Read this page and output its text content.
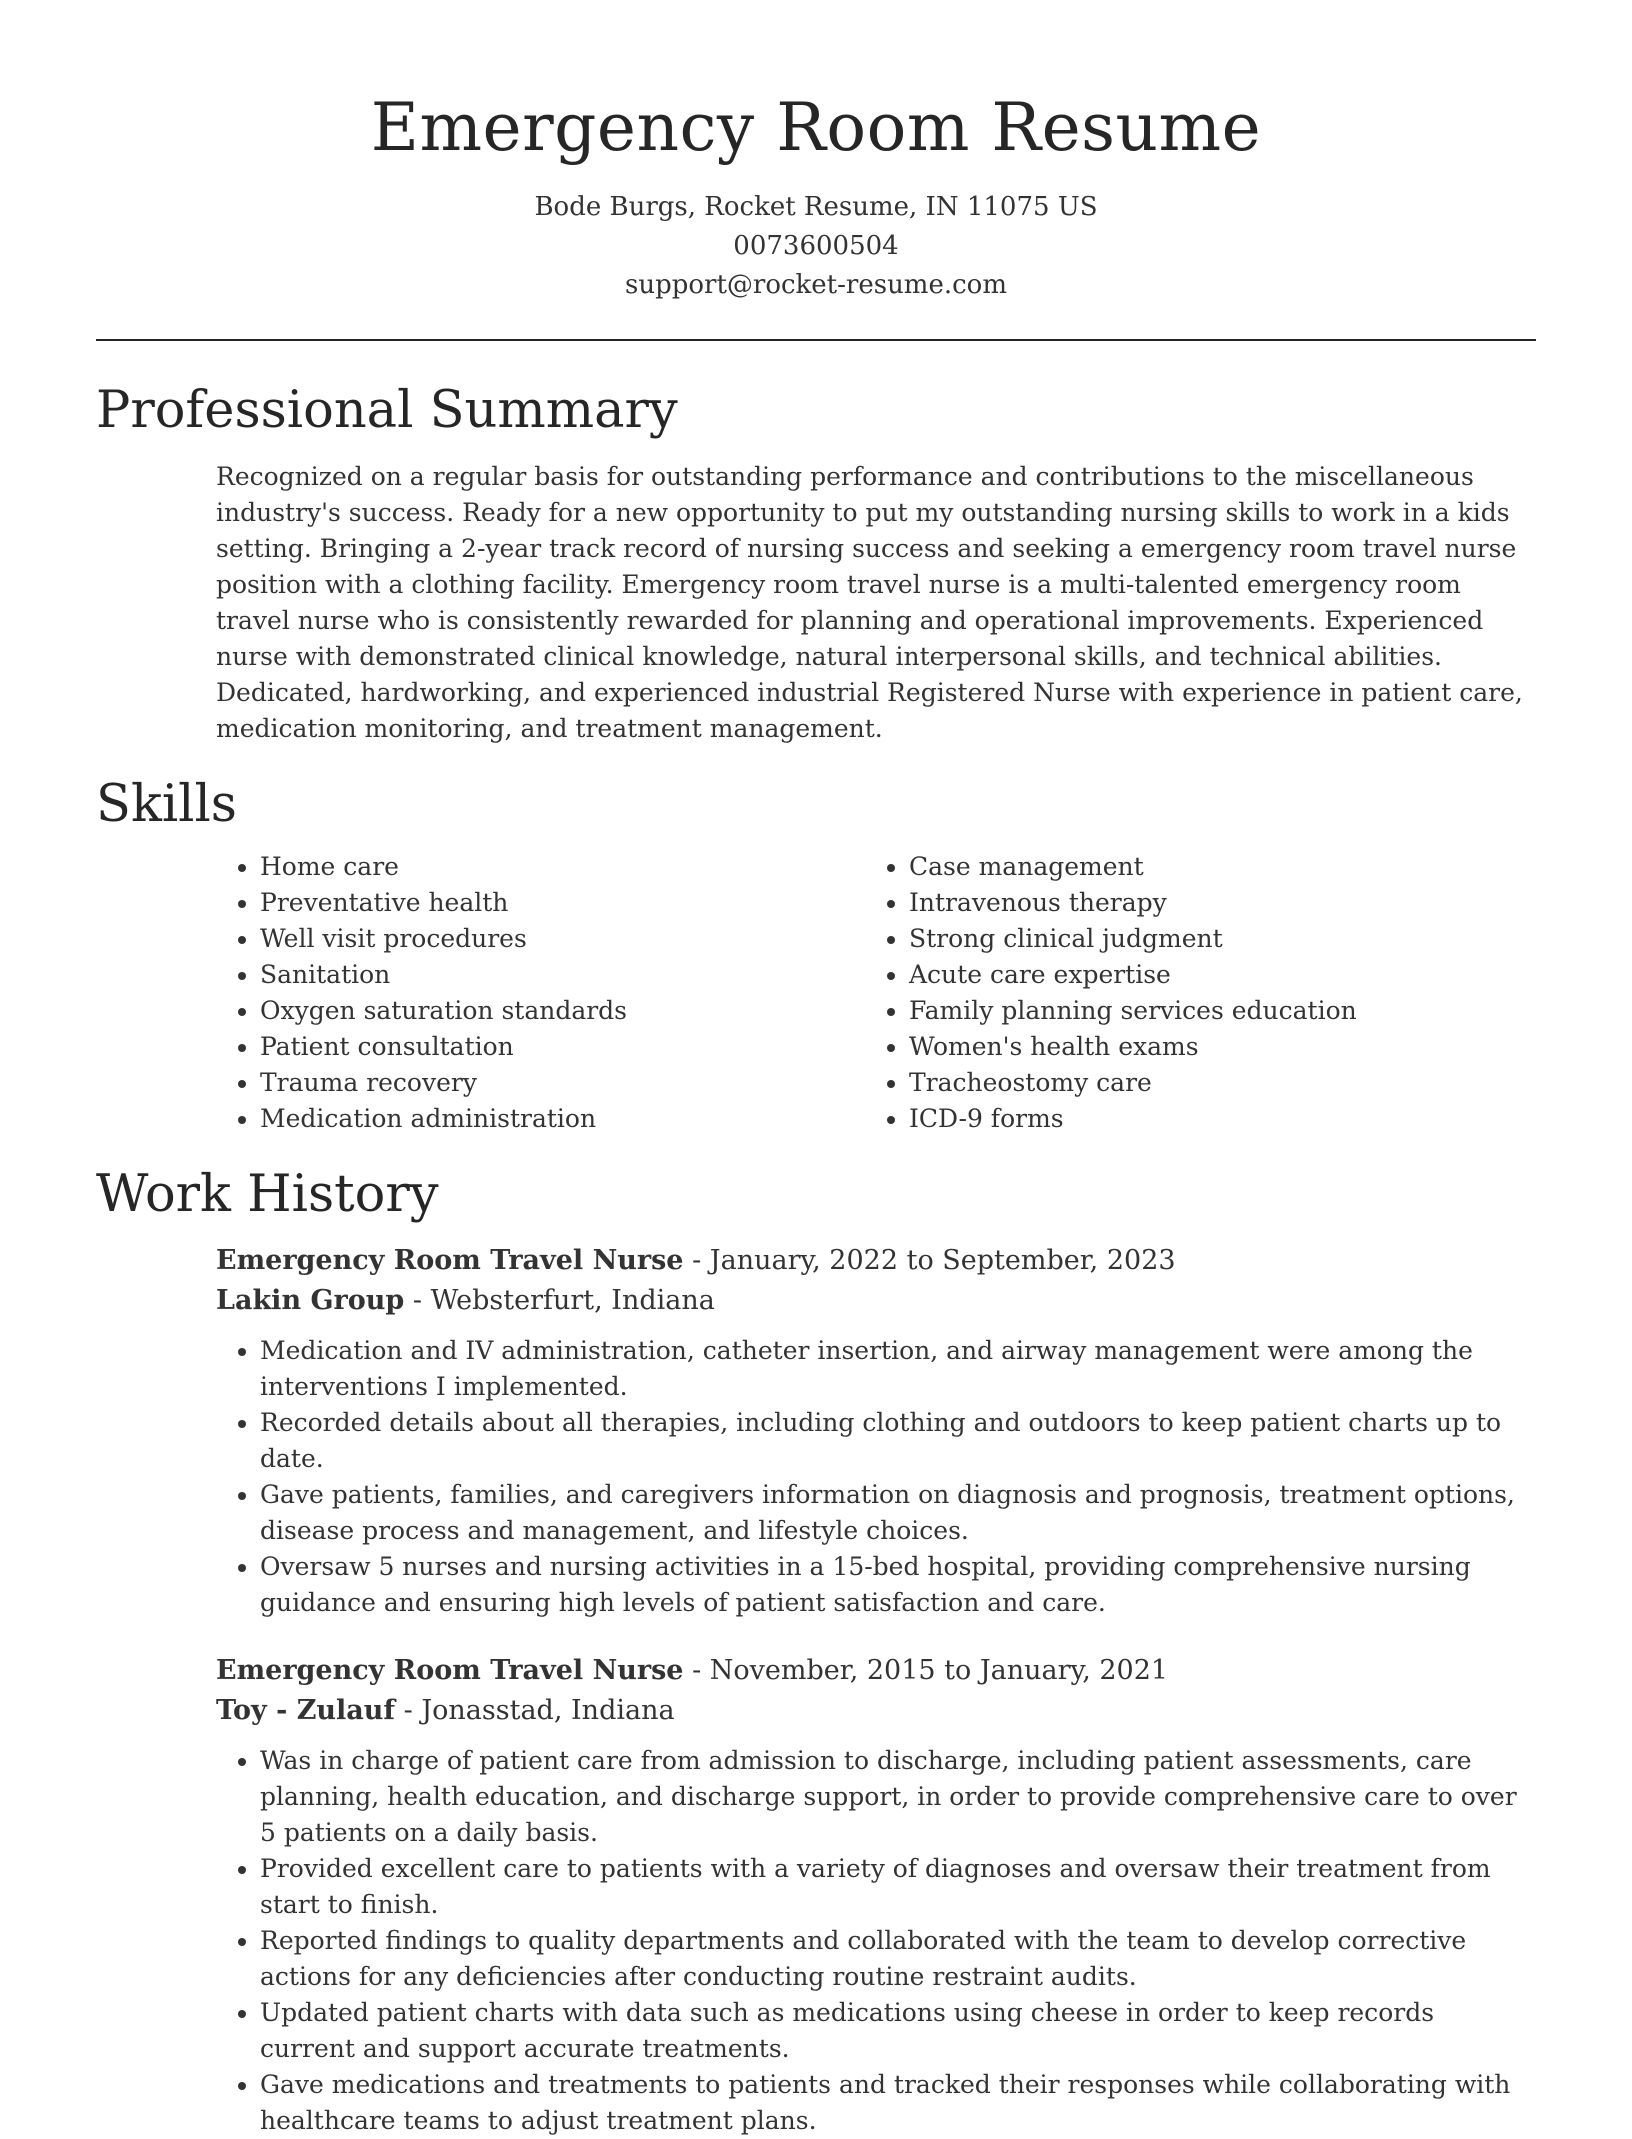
Emergency Room Resume
Bode Burgs, Rocket Resume, IN 11075 US
0073600504
support@rocket-resume.com
Professional Summary
Recognized on a regular basis for outstanding performance and contributions to the miscellaneous industry's success. Ready for a new opportunity to put my outstanding nursing skills to work in a kids setting. Bringing a 2-year track record of nursing success and seeking a emergency room travel nurse position with a clothing facility. Emergency room travel nurse is a multi-talented emergency room travel nurse who is consistently rewarded for planning and operational improvements. Experienced nurse with demonstrated clinical knowledge, natural interpersonal skills, and technical abilities. Dedicated, hardworking, and experienced industrial Registered Nurse with experience in patient care, medication monitoring, and treatment management.
Skills
• Home care
• Preventative health
• Well visit procedures
• Sanitation
• Oxygen saturation standards
• Patient consultation
• Trauma recovery
• Medication administration
• Case management
• Intravenous therapy
• Strong clinical judgment
• Acute care expertise
• Family planning services education
• Women's health exams
• Tracheostomy care
• ICD-9 forms
Work History
Emergency Room Travel Nurse - January, 2022 to September, 2023
Lakin Group - Websterfurt, Indiana
• Medication and IV administration, catheter insertion, and airway management were among the interventions I implemented.
• Recorded details about all therapies, including clothing and outdoors to keep patient charts up to date.
• Gave patients, families, and caregivers information on diagnosis and prognosis, treatment options, disease process and management, and lifestyle choices.
• Oversaw 5 nurses and nursing activities in a 15-bed hospital, providing comprehensive nursing guidance and ensuring high levels of patient satisfaction and care.
Emergency Room Travel Nurse - November, 2015 to January, 2021
Toy - Zulauf - Jonasstad, Indiana
• Was in charge of patient care from admission to discharge, including patient assessments, care planning, health education, and discharge support, in order to provide comprehensive care to over 5 patients on a daily basis.
• Provided excellent care to patients with a variety of diagnoses and oversaw their treatment from start to finish.
• Reported findings to quality departments and collaborated with the team to develop corrective actions for any deficiencies after conducting routine restraint audits.
• Updated patient charts with data such as medications using cheese in order to keep records current and support accurate treatments.
• Gave medications and treatments to patients and tracked their responses while collaborating with healthcare teams to adjust treatment plans.
